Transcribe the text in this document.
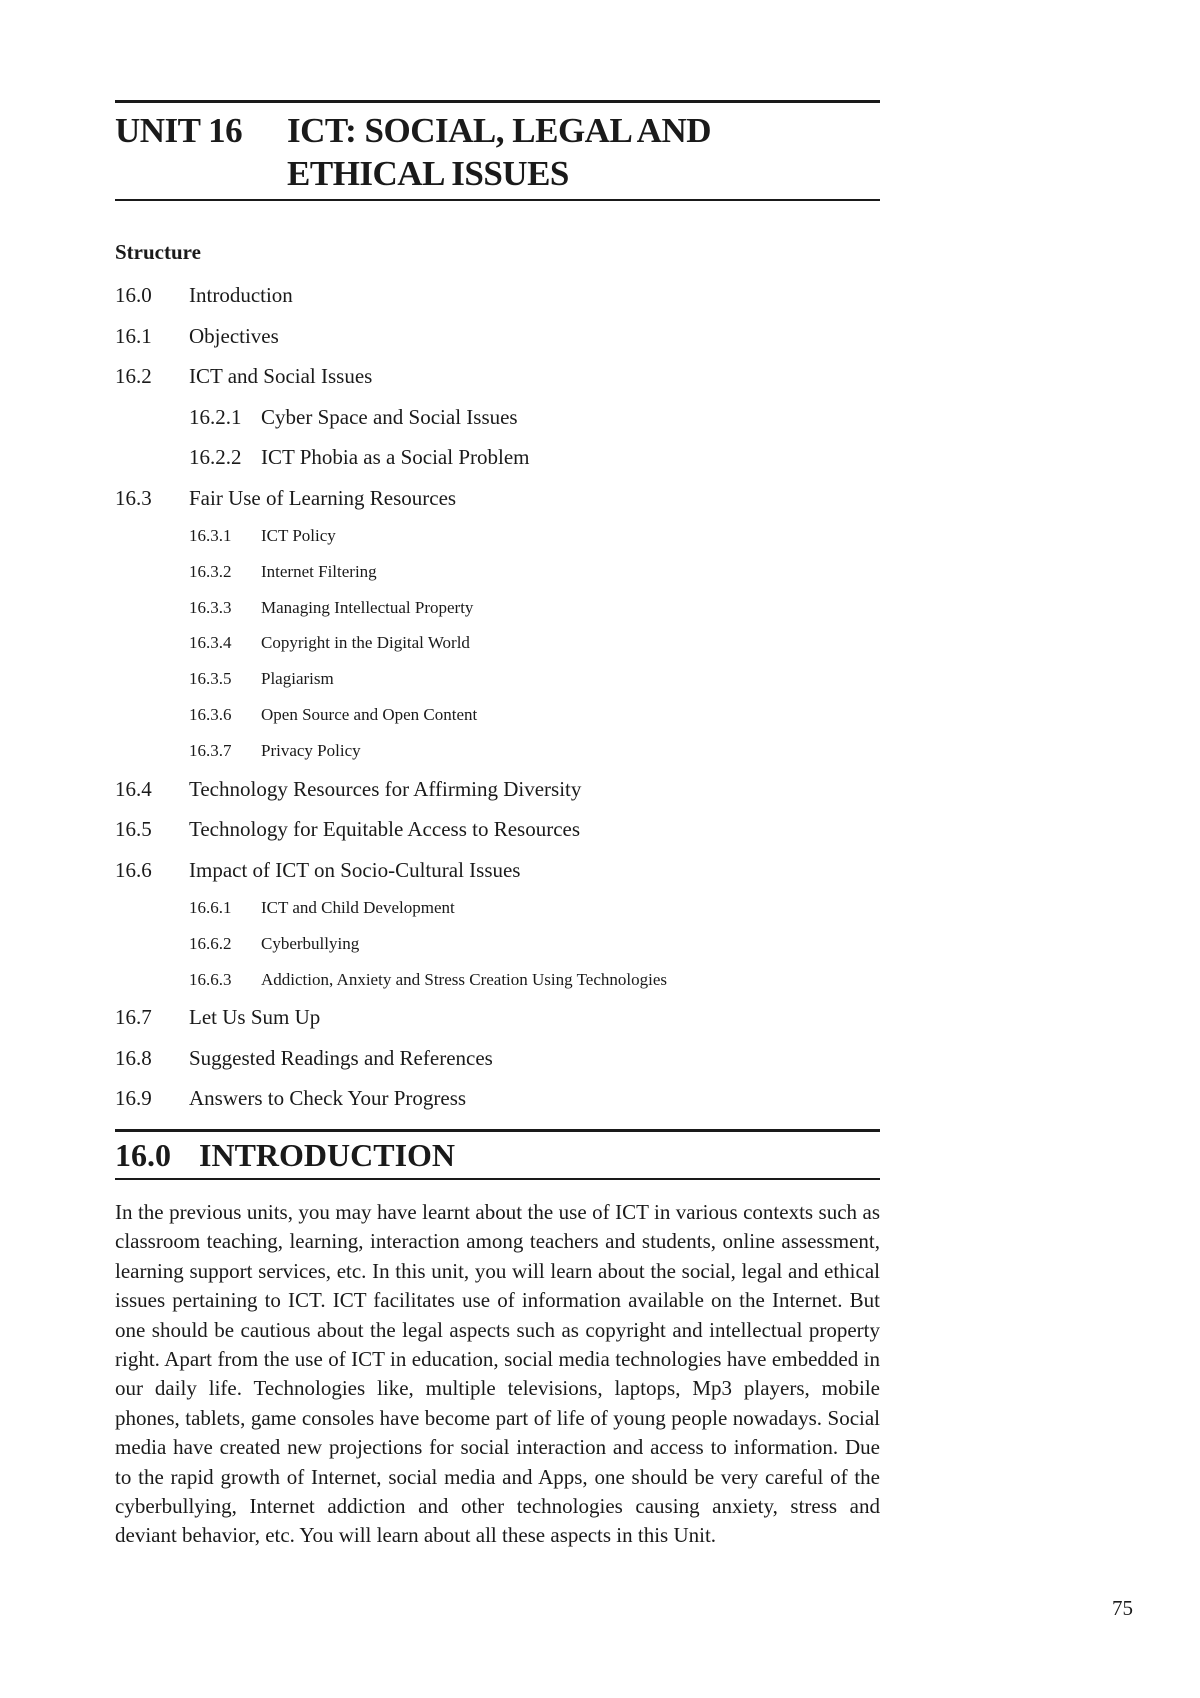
UNIT 16	ICT: SOCIAL, LEGAL AND
ETHICAL ISSUES
Structure
16.0	Introduction
16.1	Objectives
16.2	ICT and Social Issues
16.2.1 Cyber Space and Social Issues
16.2.2 ICT Phobia as a Social Problem
16.3	Fair Use of Learning Resources
16.3.1	ICT Policy
16.3.2	Internet Filtering
16.3.3	Managing Intellectual Property
16.3.4	Copyright in the Digital World
16.3.5	Plagiarism
16.3.6	Open Source and Open Content
16.3.7	Privacy Policy
16.4	Technology Resources for Affirming Diversity
16.5	Technology for Equitable Access to Resources
16.6	Impact of ICT on Socio-Cultural Issues
16.6.1	ICT and Child Development
16.6.2	Cyberbullying
16.6.3	Addiction, Anxiety and Stress Creation Using Technologies
16.7	Let Us Sum Up
16.8	Suggested Readings and References
16.9	Answers to Check Your Progress
16.0 INTRODUCTION

In the previous units, you may have learnt about the use of ICT in various contexts such as classroom teaching, learning, interaction among teachers and students, online assessment, learning support services, etc. In this unit, you will learn about the social, legal and ethical issues pertaining to ICT. ICT facilitates use of information available on the Internet. But one should be cautious about the legal aspects such as copyright and intellectual property right. Apart from the use of ICT in education, social media technologies have embedded in our daily life. Technologies like, multiple televisions, laptops, Mp3 players, mobile phones, tablets, game consoles have become part of life of young people nowadays. Social media have created new projections for social interaction and access to information. Due to the rapid growth of Internet, social media and Apps, one should be very careful of the cyberbullying, Internet addiction and other technologies causing anxiety, stress and deviant behavior, etc. You will learn about all these aspects in this Unit.

75
